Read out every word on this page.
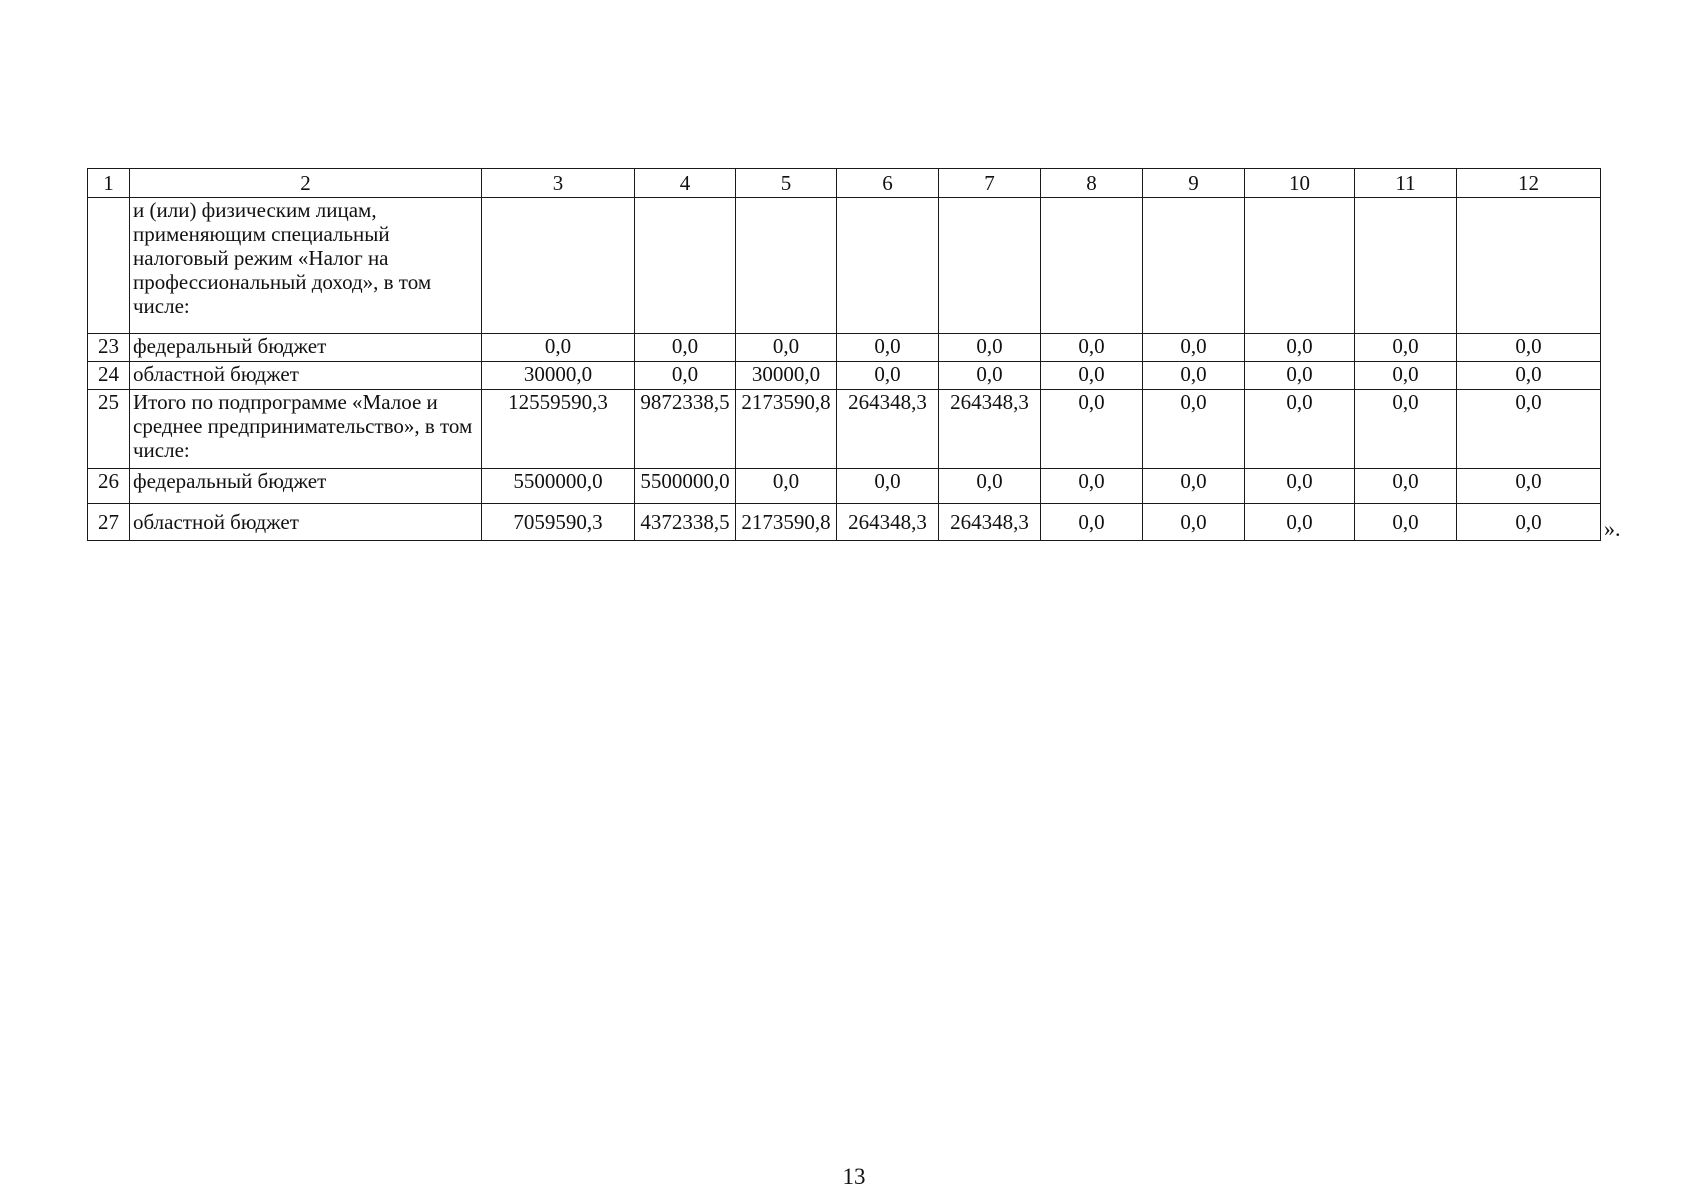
1	2	3	4	5	6	7	8	9	10	11	12
	и (или) физическим лицам, применяющим специальный налоговый режим «Налог на профессиональный доход», в том числе:										
23	федеральный бюджет	0,0	0,0	0,0	0,0	0,0	0,0	0,0	0,0	0,0	0,0
24	областной бюджет	30000,0	0,0	30000,0	0,0	0,0	0,0	0,0	0,0	0,0	0,0
25	Итого по подпрограмме «Малое и среднее предпринимательство», в том числе:	12559590,3	9872338,5	2173590,8	264348,3	264348,3	0,0	0,0	0,0	0,0	0,0
26	федеральный бюджет	5500000,0	5500000,0	0,0	0,0	0,0	0,0	0,0	0,0	0,0	0,0
27	областной бюджет	7059590,3	4372338,5	2173590,8	264348,3	264348,3	0,0	0,0	0,0	0,0	0,0	».
13
